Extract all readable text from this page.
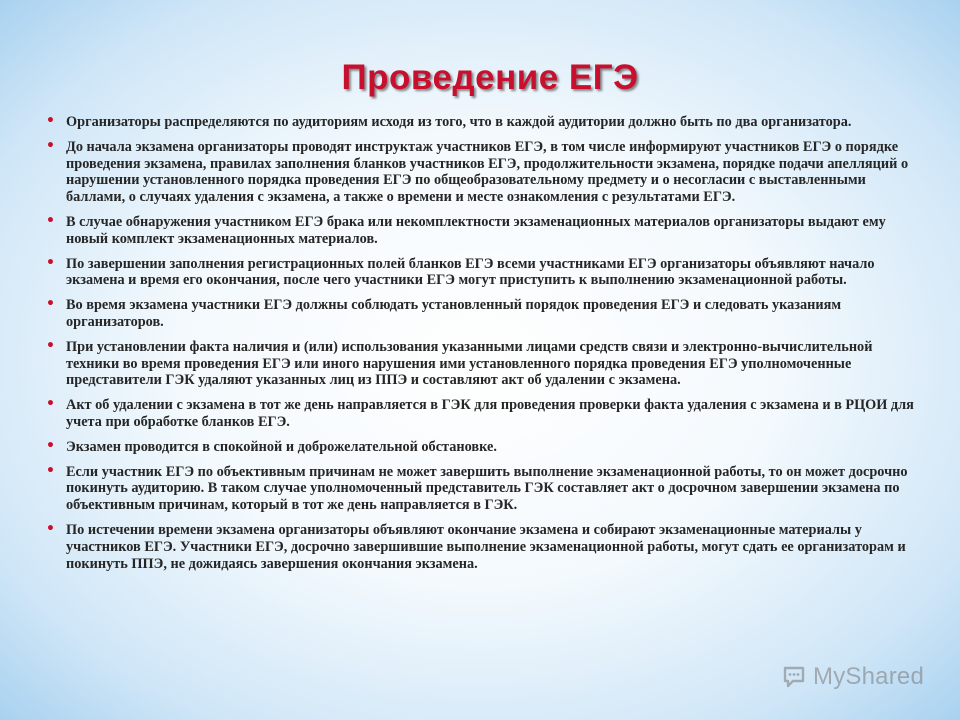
Проведение ЕГЭ
• Организаторы распределяются по аудиториям исходя из того, что в каждой аудитории должно быть по два организатора.
• До начала экзамена организаторы проводят инструктаж участников ЕГЭ, в том числе информируют участников ЕГЭ о порядке проведения экзамена, правилах заполнения бланков участников ЕГЭ, продолжительности экзамена, порядке подачи апелляций о нарушении установленного порядка проведения ЕГЭ по общеобразовательному предмету и о несогласии с выставленными баллами, о случаях удаления с экзамена, а также о времени и месте ознакомления с результатами ЕГЭ.
• В случае обнаружения участником ЕГЭ брака или некомплектности экзаменационных материалов организаторы выдают ему новый комплект экзаменационных материалов.
• По завершении заполнения регистрационных полей бланков ЕГЭ всеми участниками ЕГЭ организаторы объявляют начало экзамена и время его окончания, после чего участники ЕГЭ могут приступить к выполнению экзаменационной работы.
• Во время экзамена участники ЕГЭ должны соблюдать установленный порядок проведения ЕГЭ и следовать указаниям организаторов.
• При установлении факта наличия и (или) использования указанными лицами средств связи и электронно-вычислительной техники во время проведения ЕГЭ или иного нарушения ими установленного порядка проведения ЕГЭ уполномоченные представители ГЭК удаляют указанных лиц из ППЭ и составляют акт об удалении с экзамена.
• Акт об удалении с экзамена в тот же день направляется в ГЭК для проведения проверки факта удаления с экзамена и в РЦОИ для учета при обработке бланков ЕГЭ.
• Экзамен проводится в спокойной и доброжелательной обстановке.
• Если участник ЕГЭ по объективным причинам не может завершить выполнение экзаменационной работы, то он может досрочно покинуть аудиторию. В таком случае уполномоченный представитель ГЭК составляет акт о досрочном завершении экзамена по объективным причинам, который в тот же день направляется в ГЭК.
• По истечении времени экзамена организаторы объявляют окончание экзамена и собирают экзаменационные материалы у участников ЕГЭ. Участники ЕГЭ, досрочно завершившие выполнение экзаменационной работы, могут сдать ее организаторам и покинуть ППЭ, не дожидаясь завершения окончания экзамена.
MyShared
